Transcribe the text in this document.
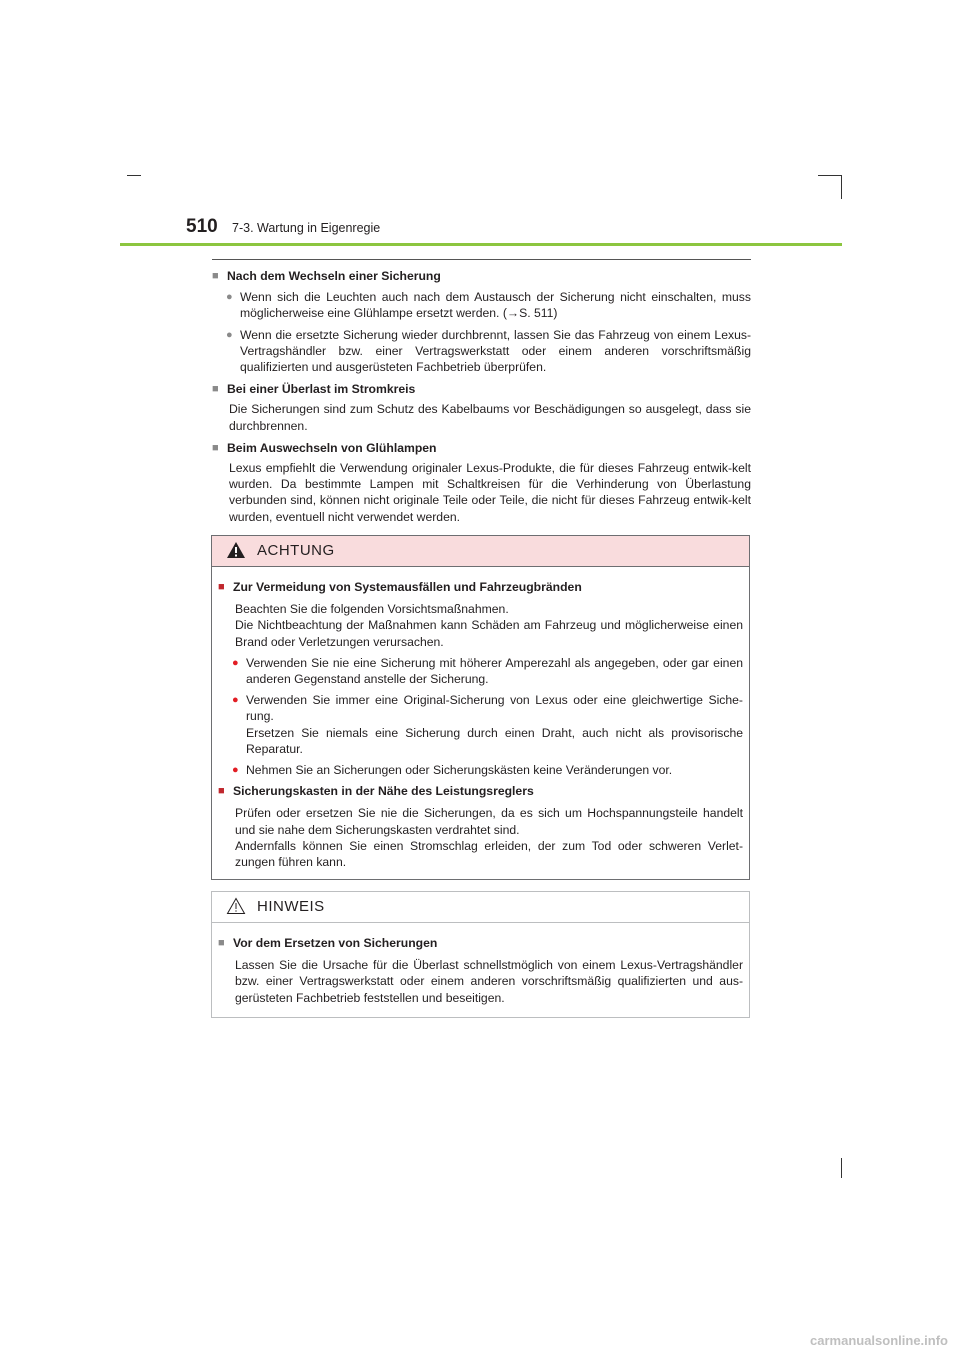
510 7-3. Wartung in Eigenregie

■ Nach dem Wechseln einer Sicherung

● Wenn sich die Leuchten auch nach dem Austausch der Sicherung nicht einschalten, muss möglicherweise eine Glühlampe ersetzt werden. (→S. 511)

● Wenn die ersetzte Sicherung wieder durchbrennt, lassen Sie das Fahrzeug von einem Lexus-Vertragshändler bzw. einer Vertragswerkstatt oder einem anderen vorschriftsmäßig qualifizierten und ausgerüsteten Fachbetrieb überprüfen.

■ Bei einer Überlast im Stromkreis

Die Sicherungen sind zum Schutz des Kabelbaums vor Beschädigungen so ausgelegt, dass sie durchbrennen.

■ Beim Auswechseln von Glühlampen

Lexus empfiehlt die Verwendung originaler Lexus-Produkte, die für dieses Fahrzeug entwik-kelt wurden. Da bestimmte Lampen mit Schaltkreisen für die Verhinderung von Überlastung verbunden sind, können nicht originale Teile oder Teile, die nicht für dieses Fahrzeug entwik-kelt wurden, eventuell nicht verwendet werden.

ACHTUNG

■ Zur Vermeidung von Systemausfällen und Fahrzeugbränden

Beachten Sie die folgenden Vorsichtsmaßnahmen.

Die Nichtbeachtung der Maßnahmen kann Schäden am Fahrzeug und möglicherweise einen Brand oder Verletzungen verursachen.

● Verwenden Sie nie eine Sicherung mit höherer Amperezahl als angegeben, oder gar einen anderen Gegenstand anstelle der Sicherung.

● Verwenden Sie immer eine Original-Sicherung von Lexus oder eine gleichwertige Siche-rung.

Ersetzen Sie niemals eine Sicherung durch einen Draht, auch nicht als provisorische Reparatur.

● Nehmen Sie an Sicherungen oder Sicherungskästen keine Veränderungen vor.

■ Sicherungskasten in der Nähe des Leistungsreglers

Prüfen oder ersetzen Sie nie die Sicherungen, da es sich um Hochspannungsteile handelt und sie nahe dem Sicherungskasten verdrahtet sind.

Andernfalls können Sie einen Stromschlag erleiden, der zum Tod oder schweren Verlet-zungen führen kann.

HINWEIS

■ Vor dem Ersetzen von Sicherungen

Lassen Sie die Ursache für die Überlast schnellstmöglich von einem Lexus-Vertragshändler bzw. einer Vertragswerkstatt oder einem anderen vorschriftsmäßig qualifizierten und aus-gerüsteten Fachbetrieb feststellen und beseitigen.

carmanualsonline.info
